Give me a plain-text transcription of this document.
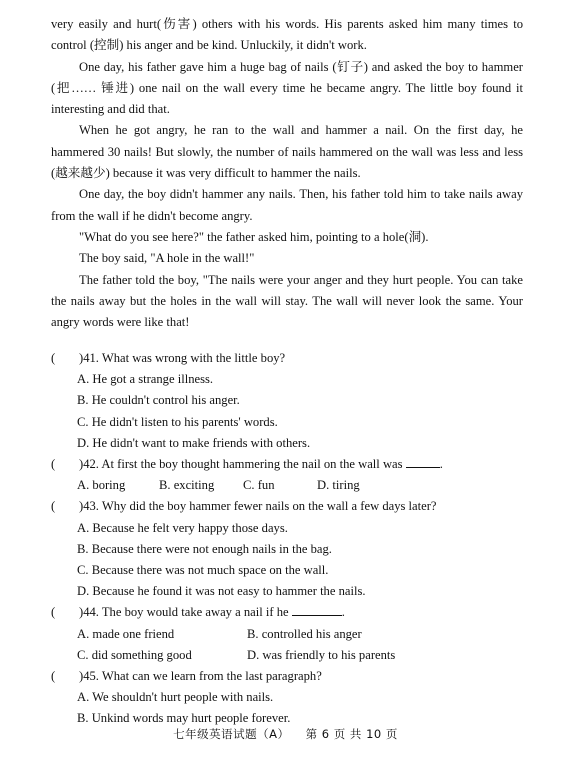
very easily and hurt(伤害) others with his words. His parents asked him many times to control (控制) his anger and be kind. Unluckily, it didn't work.

One day, his father gave him a huge bag of nails (钉子) and asked the boy to hammer (把…… 锤进) one nail on the wall every time he became angry. The little boy found it interesting and did that.

When he got angry, he ran to the wall and hammer a nail. On the first day, he hammered 30 nails! But slowly, the number of nails hammered on the wall was less and less (越来越少) because it was very difficult to hammer the nails.

One day, the boy didn't hammer any nails. Then, his father told him to take nails away from the wall if he didn't become angry.

"What do you see here?" the father asked him, pointing to a hole(洞).

The boy said, "A hole in the wall!"

The father told the boy, "The nails were your anger and they hurt people. You can take the nails away but the holes in the wall will stay. The wall will never look the same. Your angry words were like that!

( )41. What was wrong with the little boy?

A. He got a strange illness.

B. He couldn't control his anger.

C. He didn't listen to his parents' words.

D. He didn't want to make friends with others.

( )42. At first the boy thought hammering the nail on the wall was	.

A. boring	B. exciting	C. fun	D. tiring

( )43. Why did the boy hammer fewer nails on the wall a few days later?

A. Because he felt very happy those days.

B. Because there were not enough nails in the bag.

C. Because there was not much space on the wall.

D. Because he found it was not easy to hammer the nails.

( )44. The boy would take away a nail if he	.

A. made one friend	B. controlled his anger
C. did something good	D. was friendly to his parents

( )45. What can we learn from the last paragraph?

A. We shouldn't hurt people with nails.

B. Unkind words may hurt people forever.

七年级英语试题（A） 第 6 页 共 10 页
